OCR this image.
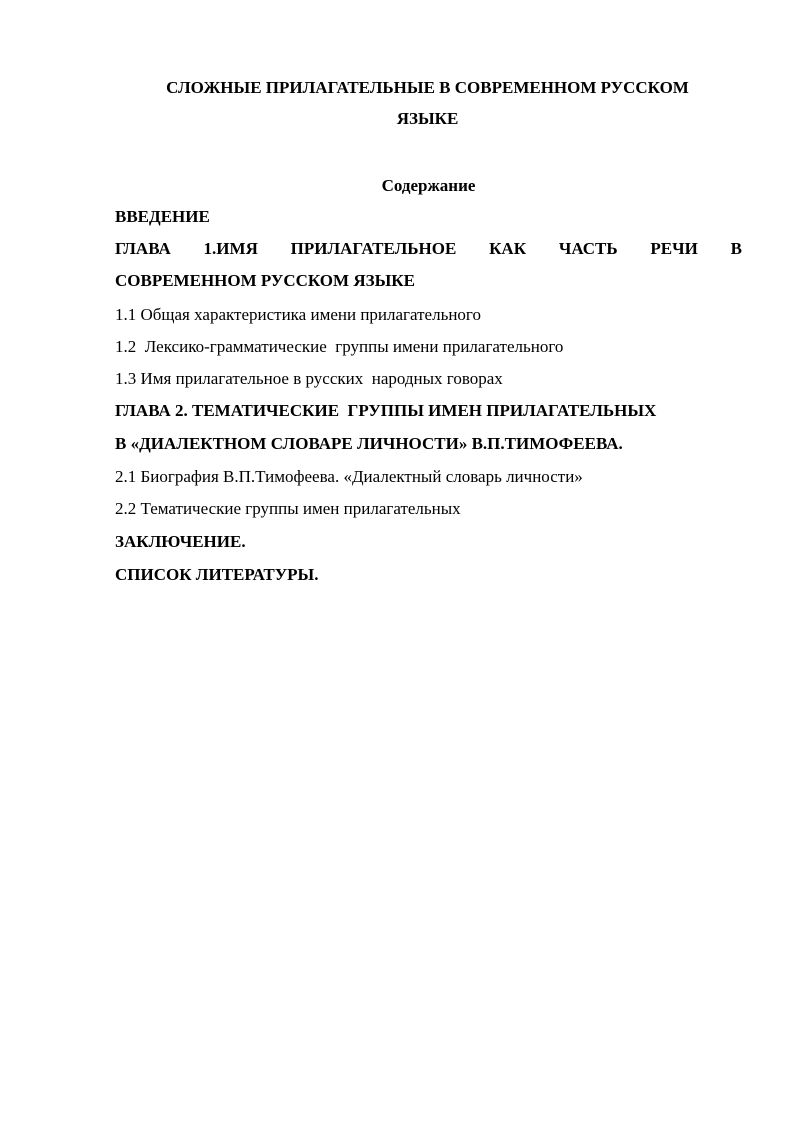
СЛОЖНЫЕ ПРИЛАГАТЕЛЬНЫЕ В СОВРЕМЕННОМ РУССКОМ
ЯЗЫКЕ
Содержание
ВВЕДЕНИЕ
ГЛАВА 1.ИМЯ ПРИЛАГАТЕЛЬНОЕ КАК ЧАСТЬ РЕЧИ В
СОВРЕМЕННОМ РУССКОМ ЯЗЫКЕ
1.1 Общая характеристика имени прилагательного
1.2  Лексико-грамматические  группы имени прилагательного
1.3 Имя прилагательное в русских  народных говорах
ГЛАВА 2. ТЕМАТИЧЕСКИЕ  ГРУППЫ ИМЕН ПРИЛАГАТЕЛЬНЫХ
В «ДИАЛЕКТНОМ СЛОВАРЕ ЛИЧНОСТИ» В.П.ТИМОФЕЕВА.
2.1 Биография В.П.Тимофеева. «Диалектный словарь личности»
2.2 Тематические группы имен прилагательных
ЗАКЛЮЧЕНИЕ.
СПИСОК ЛИТЕРАТУРЫ.
